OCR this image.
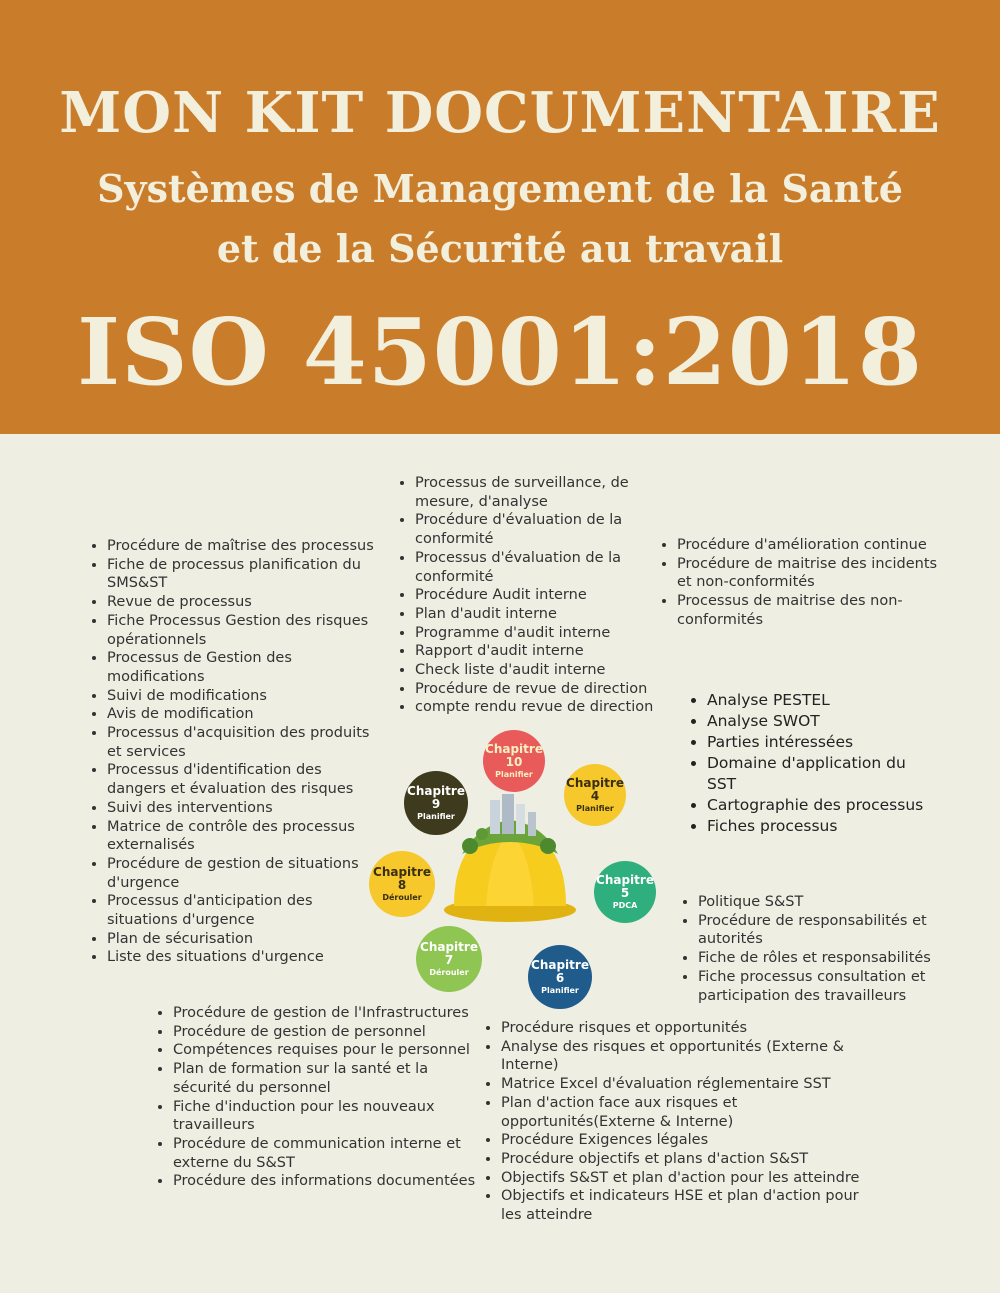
MON KIT DOCUMENTAIRE
Systèmes de Management de la Santé
et de la Sécurité au travail
ISO 45001:2018
• Processus de surveillance, de mesure, d'analyse
• Procédure d'évaluation de la conformité
• Processus d'évaluation de la conformité
• Procédure Audit interne
• Plan d'audit interne
• Programme d'audit interne
• Rapport d'audit interne
• Check liste d'audit interne
• Procédure de revue de direction
• compte rendu revue de direction
• Procédure de maîtrise des processus
• Fiche de processus planification du SMS&ST
• Revue de processus
• Fiche Processus Gestion des risques opérationnels
• Processus de Gestion des modifications
• Suivi de modifications
• Avis de modification
• Processus d'acquisition des produits et services
• Processus d'identification des dangers et évaluation des risques
• Suivi des interventions
• Matrice de contrôle des processus externalisés
• Procédure de gestion de situations d'urgence
• Processus d'anticipation des situations d'urgence
• Plan de sécurisation
• Liste des situations d'urgence
• Procédure d'amélioration continue
• Procédure de maitrise des incidents et non-conformités
• Processus de maitrise des non-conformités
• Analyse PESTEL
• Analyse SWOT
• Parties intéressées
• Domaine d'application du SST
• Cartographie des processus
• Fiches processus
• Politique S&ST
• Procédure de responsabilités et autorités
• Fiche de rôles et responsabilités
• Fiche processus consultation et participation des travailleurs
• Procédure de gestion de l'Infrastructures
• Procédure de gestion de personnel
• Compétences requises pour le personnel
• Plan de formation sur la santé et la sécurité du personnel
• Fiche d'induction pour les nouveaux travailleurs
• Procédure de communication interne et externe du S&ST
• Procédure des informations documentées
• Procédure risques et opportunités
• Analyse des risques et opportunités (Externe & Interne)
• Matrice Excel d'évaluation réglementaire SST
• Plan d'action face aux risques et opportunités(Externe & Interne)
• Procédure Exigences légales
• Procédure objectifs et plans d'action S&ST
• Objectifs S&ST et plan d'action pour les atteindre
• Objectifs et indicateurs HSE et plan d'action pour les atteindre
Chapitre
10
Planifier
Chapitre
4
Planifier
Chapitre
9
Planifier
Chapitre
5
PDCA
Chapitre
8
Dérouler
Chapitre
7
Dérouler
Chapitre
6
Planifier
